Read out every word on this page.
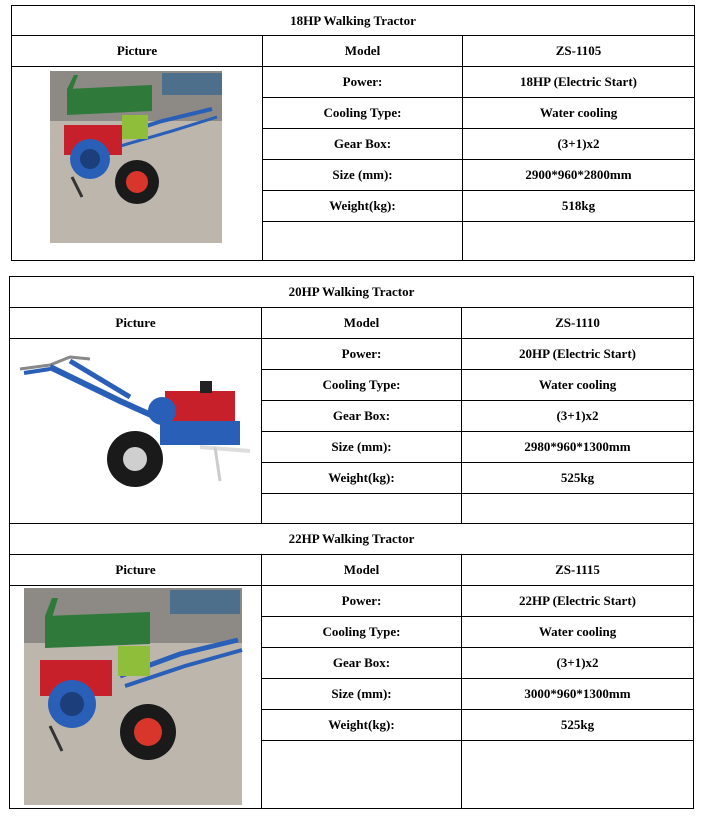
18HP Walking Tractor		
Picture	Model	ZS-1105

	Power:	18HP (Electric Start)
	Cooling Type:	Water cooling
	Gear Box:	(3+1)x2
	Size (mm):	2900*960*2800mm
	Weight(kg):	518kg

20HP Walking Tractor		
Picture	Model	ZS-1110

	Power:	20HP (Electric Start)
	Cooling Type:	Water cooling
	Gear Box:	(3+1)x2
	Size (mm):	2980*960*1300mm
	Weight(kg):	525kg

22HP Walking Tractor		
Picture	Model	ZS-1115

	Power:	22HP (Electric Start)
	Cooling Type:	Water cooling
	Gear Box:	(3+1)x2
	Size (mm):	3000*960*1300mm
	Weight(kg):	525kg
